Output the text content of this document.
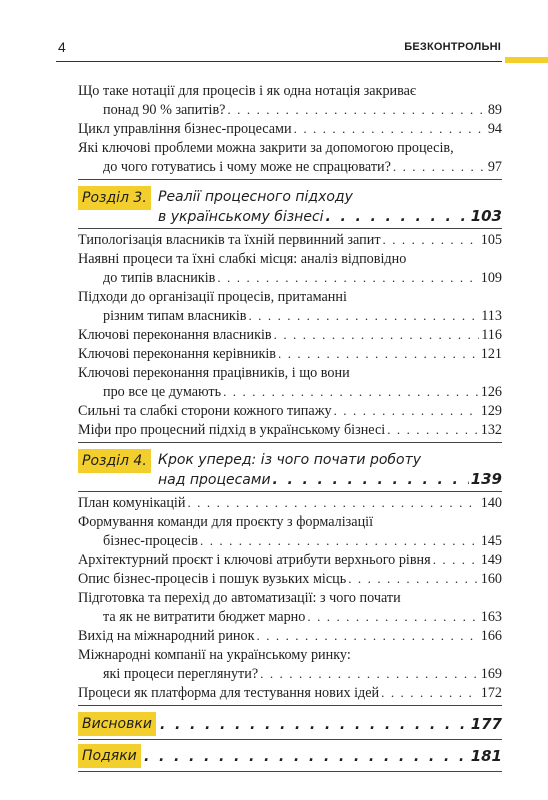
4	БЕЗКОНТРОЛЬНІ
Що таке нотації для процесів і як одна нотація закриває
понад 90 % запитів? . . .	89
Цикл управління бізнес-процесами . . .	94
Які ключові проблеми можна закрити за допомогою процесів,
до чого готуватись і чому може не спрацювати? . . .	97
Розділ 3. Реалії процесного підходу
в українському бізнесі . . .	103
Типологізація власників та їхній первинний запит . . .	105
Наявні процеси та їхні слабкі місця: аналіз відповідно
до типів власників . . .	109
Підходи до організації процесів, притаманні
різним типам власників . . .	113
Ключові переконання власників . . .	116
Ключові переконання керівників . . .	121
Ключові переконання працівників, і що вони
про все це думають . . .	126
Сильні та слабкі сторони кожного типажу . . .	129
Міфи про процесний підхід в українському бізнесі . . .	132
Розділ 4. Крок уперед: із чого почати роботу
над процесами . . .	139
План комунікацій . . .	140
Формування команди для проєкту з формалізації
бізнес-процесів . . .	145
Архітектурний проєкт і ключові атрибути верхнього рівня . . .	149
Опис бізнес-процесів і пошук вузьких місць . . .	160
Підготовка та перехід до автоматизації: з чого почати
та як не витратити бюджет марно . . .	163
Вихід на міжнародний ринок . . .	166
Міжнародні компанії на українському ринку:
які процеси переглянути? . . .	169
Процеси як платформа для тестування нових ідей . . .	172
Висновки . . .	177
Подяки . . .	181
